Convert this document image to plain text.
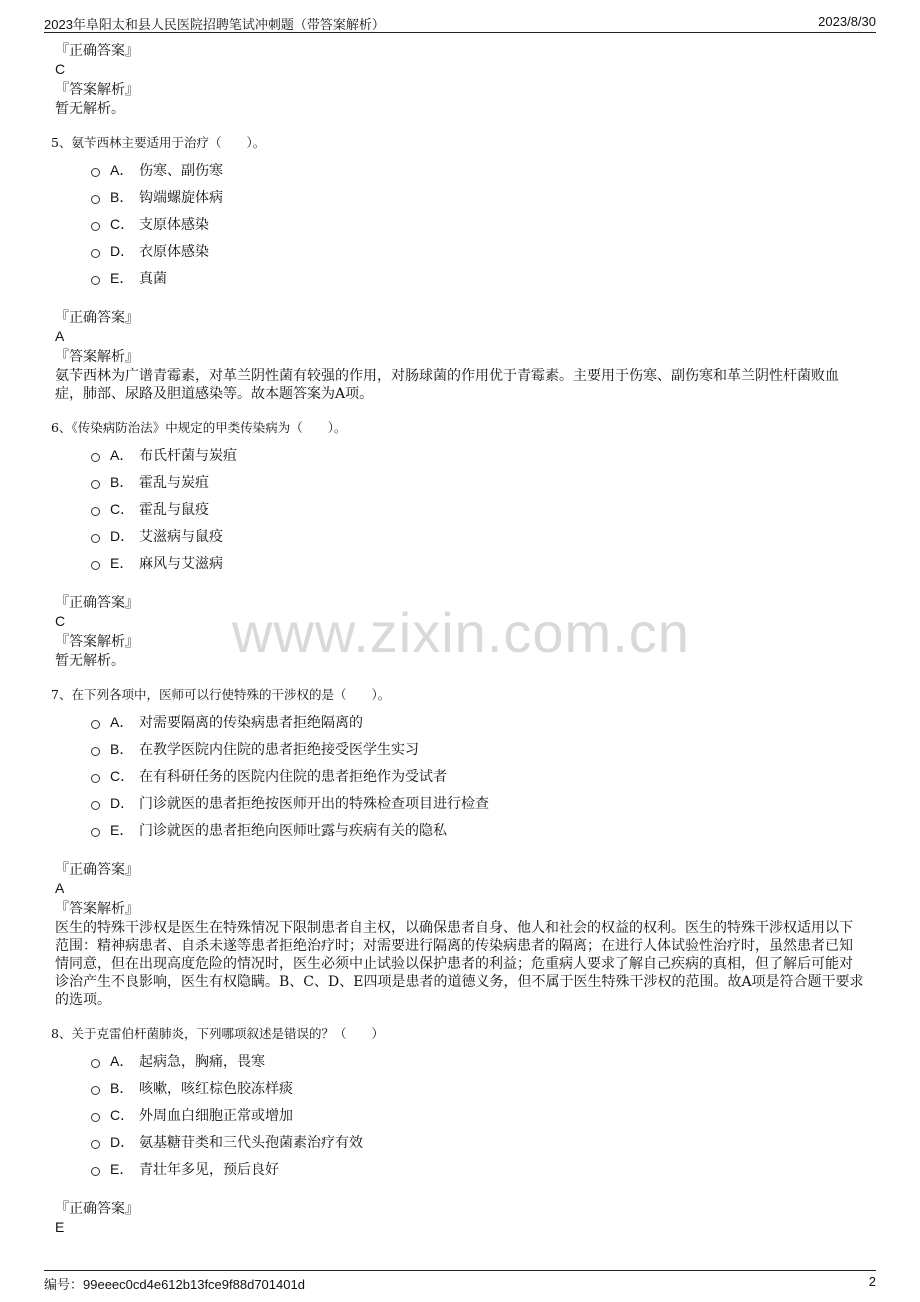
2023年阜阳太和县人民医院招聘笔试冲刺题（带答案解析）	2023/8/30
www.zixin.com.cn

『正确答案』

C

『答案解析』

暂无解析。

5、氨苄西林主要适用于治疗（　　）。

A． 伤寒、副伤寒
B． 钩端螺旋体病
C． 支原体感染
D． 衣原体感染
E． 真菌

『正确答案』

A

『答案解析』

氨苄西林为广谱青霉素，对革兰阴性菌有较强的作用，对肠球菌的作用优于青霉素。主要用于伤寒、副伤寒和革兰阴性杆菌败血症，肺部、尿路及胆道感染等。故本题答案为A项。

6、《传染病防治法》中规定的甲类传染病为（　　）。

A． 布氏杆菌与炭疽
B． 霍乱与炭疽
C． 霍乱与鼠疫
D． 艾滋病与鼠疫
E． 麻风与艾滋病

『正确答案』

C

『答案解析』

暂无解析。

7、在下列各项中，医师可以行使特殊的干涉权的是（　　）。

A． 对需要隔离的传染病患者拒绝隔离的
B． 在教学医院内住院的患者拒绝接受医学生实习
C． 在有科研任务的医院内住院的患者拒绝作为受试者
D． 门诊就医的患者拒绝按医师开出的特殊检查项目进行检查
E． 门诊就医的患者拒绝向医师吐露与疾病有关的隐私

『正确答案』

A

『答案解析』

医生的特殊干涉权是医生在特殊情况下限制患者自主权，以确保患者自身、他人和社会的权益的权利。医生的特殊干涉权适用以下范围：精神病患者、自杀未遂等患者拒绝治疗时；对需要进行隔离的传染病患者的隔离；在进行人体试验性治疗时，虽然患者已知情同意，但在出现高度危险的情况时，医生必须中止试验以保护患者的利益；危重病人要求了解自己疾病的真相，但了解后可能对诊治产生不良影响，医生有权隐瞒。B、C、D、E四项是患者的道德义务，但不属于医生特殊干涉权的范围。故A项是符合题干要求的选项。

8、关于克雷伯杆菌肺炎，下列哪项叙述是错误的？（　　）

A． 起病急，胸痛，畏寒
B． 咳嗽，咳红棕色胶冻样痰
C． 外周血白细胞正常或增加
D． 氨基糖苷类和三代头孢菌素治疗有效
E． 青壮年多见，预后良好

『正确答案』

E

编号：99eeec0cd4e612b13fce9f88d701401d	2
